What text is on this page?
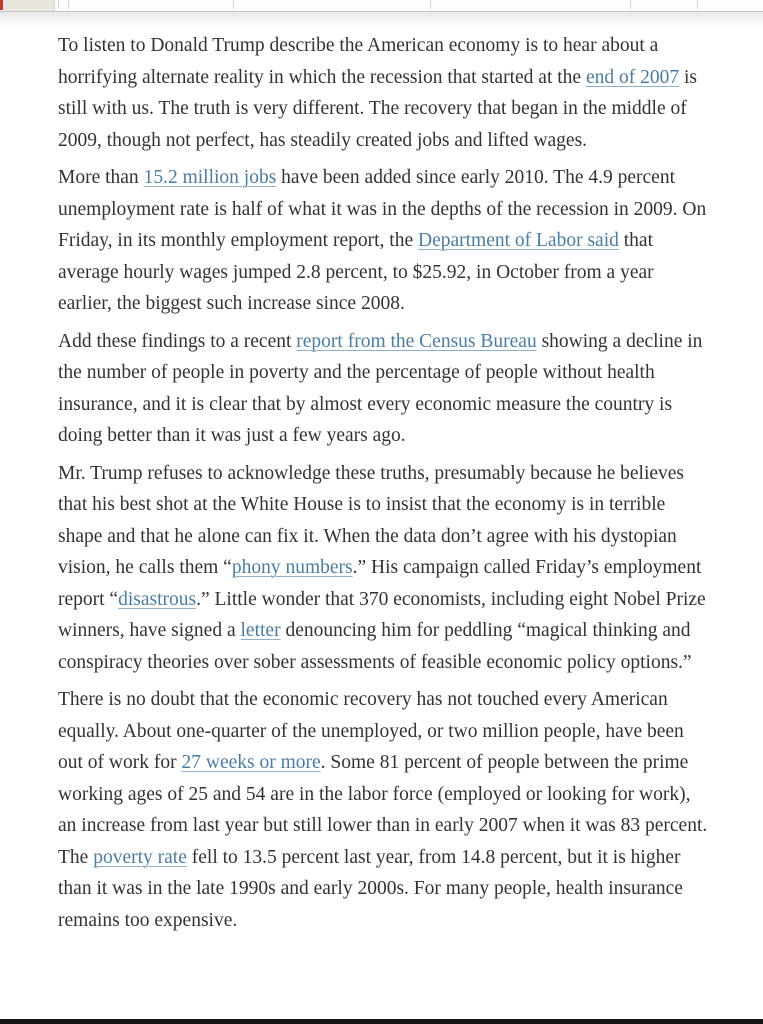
To listen to Donald Trump describe the American economy is to hear about a horrifying alternate reality in which the recession that started at the end of 2007 is still with us. The truth is very different. The recovery that began in the middle of 2009, though not perfect, has steadily created jobs and lifted wages.

More than 15.2 million jobs have been added since early 2010. The 4.9 percent unemployment rate is half of what it was in the depths of the recession in 2009. On Friday, in its monthly employment report, the Department of Labor said that average hourly wages jumped 2.8 percent, to $25.92, in October from a year earlier, the biggest such increase since 2008.

Add these findings to a recent report from the Census Bureau showing a decline in the number of people in poverty and the percentage of people without health insurance, and it is clear that by almost every economic measure the country is doing better than it was just a few years ago.

Mr. Trump refuses to acknowledge these truths, presumably because he believes that his best shot at the White House is to insist that the economy is in terrible shape and that he alone can fix it. When the data don’t agree with his dystopian vision, he calls them “phony numbers.” His campaign called Friday’s employment report “disastrous.” Little wonder that 370 economists, including eight Nobel Prize winners, have signed a letter denouncing him for peddling “magical thinking and conspiracy theories over sober assessments of feasible economic policy options.”

There is no doubt that the economic recovery has not touched every American equally. About one-quarter of the unemployed, or two million people, have been out of work for 27 weeks or more. Some 81 percent of people between the prime working ages of 25 and 54 are in the labor force (employed or looking for work), an increase from last year but still lower than in early 2007 when it was 83 percent. The poverty rate fell to 13.5 percent last year, from 14.8 percent, but it is higher than it was in the late 1990s and early 2000s. For many people, health insurance remains too expensive.
